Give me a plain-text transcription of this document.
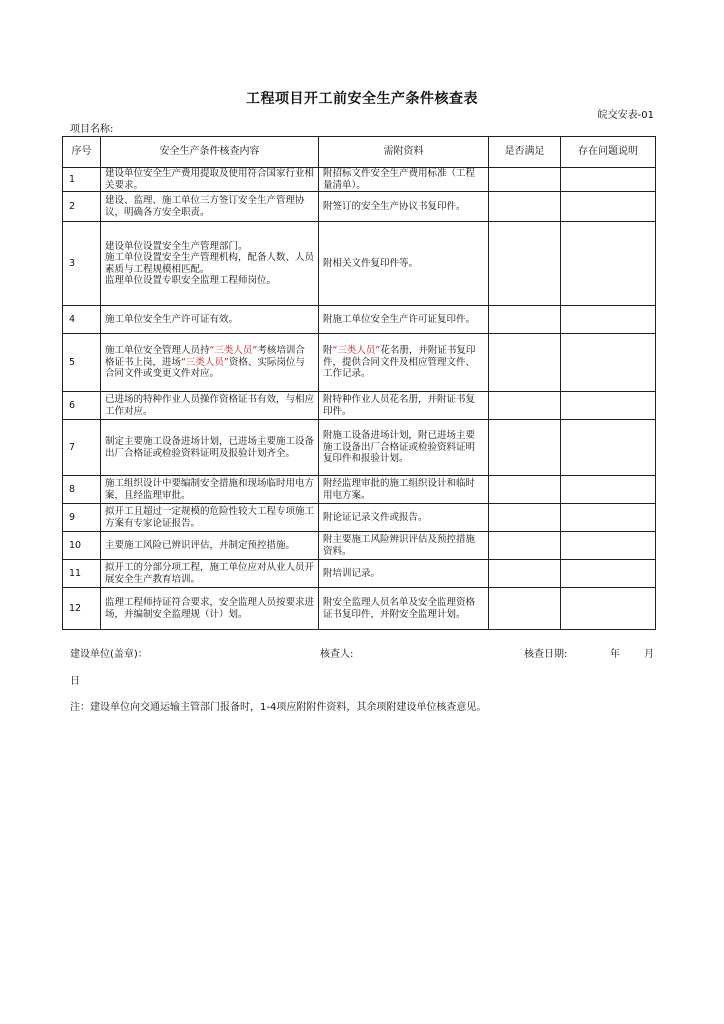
工程项目开工前安全生产条件核查表
皖交安表-01
项目名称:
序号	安全生产条件核查内容	需附资料	是否满足	存在问题说明
1	建设单位安全生产费用提取及使用符合国家行业相关要求。	附招标文件安全生产费用标准（工程量清单）。		
2	建设、监理、施工单位三方签订安全生产管理协议，明确各方安全职责。	附签订的安全生产协议书复印件。		
3	建设单位设置安全生产管理部门。
施工单位设置安全生产管理机构，配备人数、人员素质与工程规模相匹配。
监理单位设置专职安全监理工程师岗位。	附相关文件复印件等。		
4	施工单位安全生产许可证有效。	附施工单位安全生产许可证复印件。		
5	施工单位安全管理人员持“三类人员”考核培训合格证书上岗，进场“三类人员”资格、实际岗位与合同文件或变更文件对应。	附“三类人员”花名册，并附证书复印件，提供合同文件及相应管理文件、工作记录。		
6	已进场的特种作业人员操作资格证书有效，与相应工作对应。	附特种作业人员花名册，并附证书复印件。		
7	制定主要施工设备进场计划，已进场主要施工设备出厂合格证或检验资料证明及报验计划齐全。	附施工设备进场计划，附已进场主要施工设备出厂合格证或检验资料证明复印件和报验计划。		
8	施工组织设计中要编制安全措施和现场临时用电方案，且经监理审批。	附经监理审批的施工组织设计和临时用电方案。		
9	拟开工且超过一定规模的危险性较大工程专项施工方案有专家论证报告。	附论证记录文件或报告。		
10	主要施工风险已辨识评估，并制定预控措施。	附主要施工风险辨识评估及预控措施资料。		
11	拟开工的分部分项工程，施工单位应对从业人员开展安全生产教育培训。	附培训记录。		
12	监理工程师持证符合要求，安全监理人员按要求进场，并编制安全监理规（计）划。	附安全监理人员名单及安全监理资格证书复印件，并附安全监理计划。		
建设单位(盖章)：	核查人:	核查日期:	年 月
日
注：建设单位向交通运输主管部门报备时，1-4项应附附件资料，其余项附建设单位核查意见。
